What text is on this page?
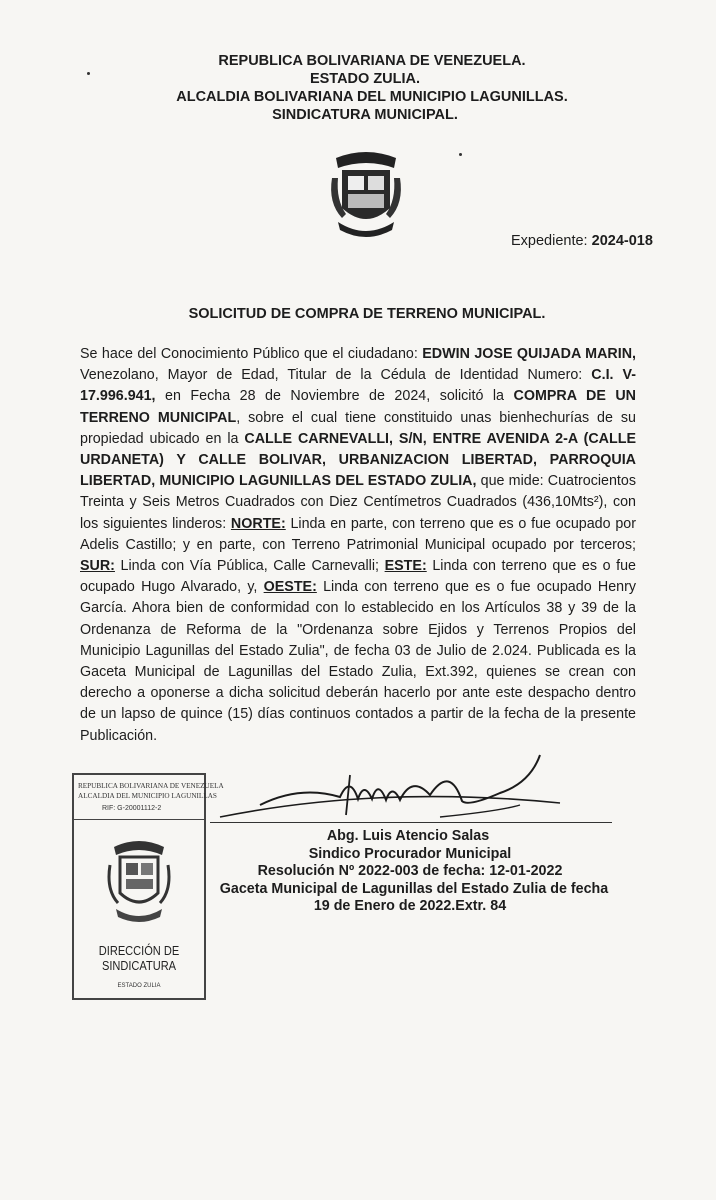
REPUBLICA BOLIVARIANA DE VENEZUELA.
ESTADO ZULIA.
ALCALDIA BOLIVARIANA DEL MUNICIPIO LAGUNILLAS.
SINDICATURA MUNICIPAL.
Expediente: 2024-018
SOLICITUD DE COMPRA DE TERRENO MUNICIPAL.
Se hace del Conocimiento Público que el ciudadano: EDWIN JOSE QUIJADA MARIN, Venezolano, Mayor de Edad, Titular de la Cédula de Identidad Numero: C.I. V-17.996.941, en Fecha 28 de Noviembre de 2024, solicitó la COMPRA DE UN TERRENO MUNICIPAL, sobre el cual tiene constituido unas bienhechurías de su propiedad ubicado en la CALLE CARNEVALLI, S/N, ENTRE AVENIDA 2-A (CALLE URDANETA) Y CALLE BOLIVAR, URBANIZACION LIBERTAD, PARROQUIA LIBERTAD, MUNICIPIO LAGUNILLAS DEL ESTADO ZULIA, que mide: Cuatrocientos Treinta y Seis Metros Cuadrados con Diez Centímetros Cuadrados (436,10Mts²), con los siguientes linderos: NORTE: Linda en parte, con terreno que es o fue ocupado por Adelis Castillo; y en parte, con Terreno Patrimonial Municipal ocupado por terceros; SUR: Linda con Vía Pública, Calle Carnevalli; ESTE: Linda con terreno que es o fue ocupado Hugo Alvarado, y, OESTE: Linda con terreno que es o fue ocupado Henry García. Ahora bien de conformidad con lo establecido en los Artículos 38 y 39 de la Ordenanza de Reforma de la "Ordenanza sobre Ejidos y Terrenos Propios del Municipio Lagunillas del Estado Zulia", de fecha 03 de Julio de 2.024. Publicada es la Gaceta Municipal de Lagunillas del Estado Zulia, Ext.392, quienes se crean con derecho a oponerse a dicha solicitud deberán hacerlo por ante este despacho dentro de un lapso de quince (15) días continuos contados a partir de la fecha de la presente Publicación.
REPUBLICA BOLIVARIANA DE VENEZUELA
ALCALDIA DEL MUNICIPIO LAGUNILLAS
RIF: G-20001112-2
DIRECCIÓN DE
SINDICATURA
ESTADO ZULIA
Abg. Luis Atencio Salas
Sindico Procurador Municipal
Resolución Nº 2022-003 de fecha: 12-01-2022
Gaceta Municipal de Lagunillas del Estado Zulia de fecha
19 de Enero de 2022.Extr. 84
